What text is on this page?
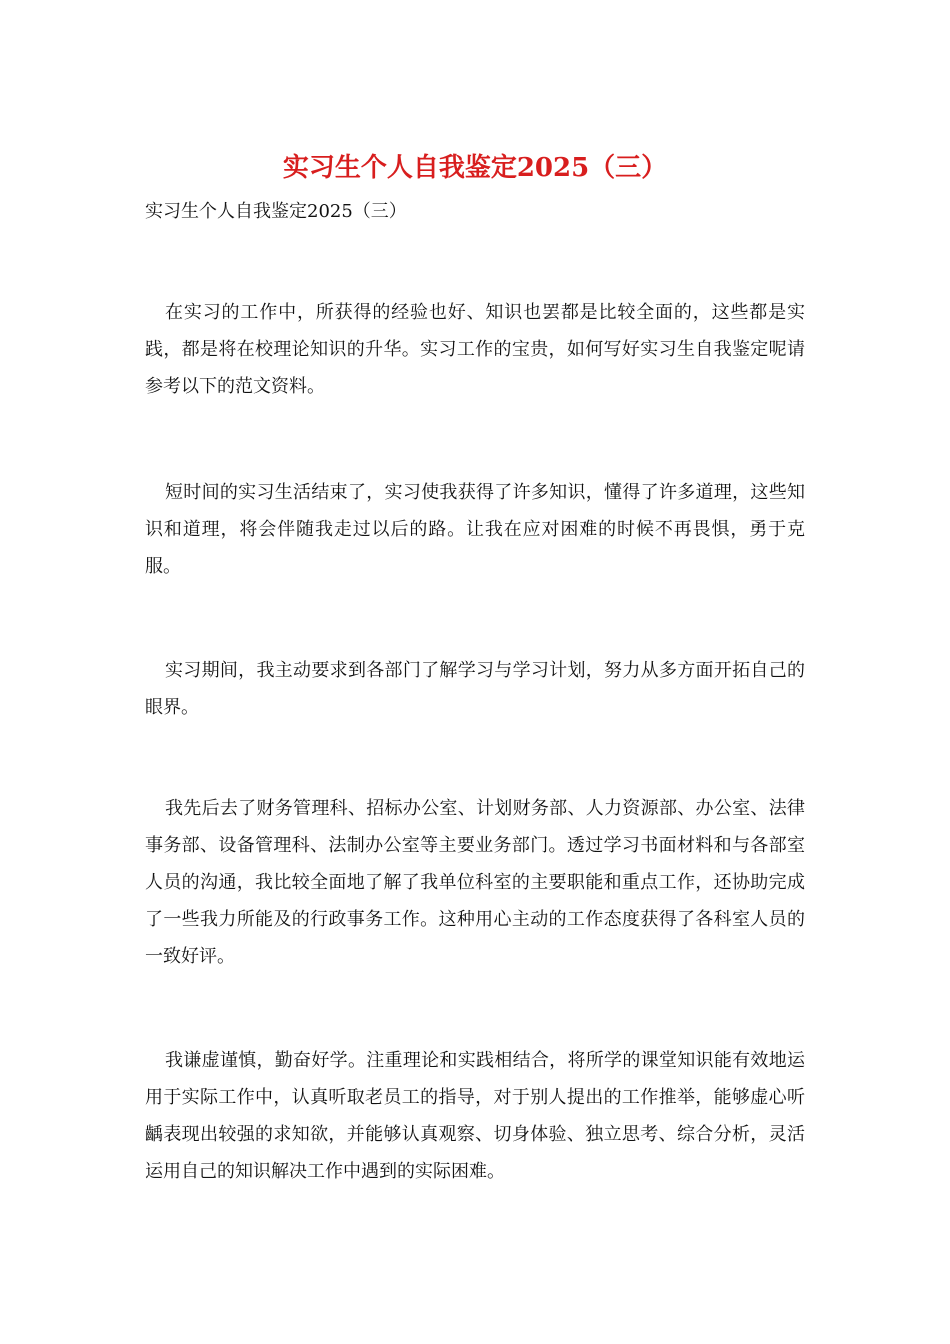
实习生个人自我鉴定2025（三）

实习生个人自我鉴定2025（三）

在实习的工作中，所获得的经验也好、知识也罢都是比较全面的，这些都是实践，都是将在校理论知识的升华。实习工作的宝贵，如何写好实习生自我鉴定呢请参考以下的范文资料。

短时间的实习生活结束了，实习使我获得了许多知识，懂得了许多道理，这些知识和道理，将会伴随我走过以后的路。让我在应对困难的时候不再畏惧，勇于克服。

实习期间，我主动要求到各部门了解学习与学习计划，努力从多方面开拓自己的眼界。

我先后去了财务管理科、招标办公室、计划财务部、人力资源部、办公室、法律事务部、设备管理科、法制办公室等主要业务部门。透过学习书面材料和与各部室人员的沟通，我比较全面地了解了我单位科室的主要职能和重点工作，还协助完成了一些我力所能及的行政事务工作。这种用心主动的工作态度获得了各科室人员的一致好评。

我谦虚谨慎，勤奋好学。注重理论和实践相结合，将所学的课堂知识能有效地运用于实际工作中，认真听取老员工的指导，对于别人提出的工作推举，能够虚心听齲表现出较强的求知欲，并能够认真观察、切身体验、独立思考、综合分析，灵活运用自己的知识解决工作中遇到的实际困难。
